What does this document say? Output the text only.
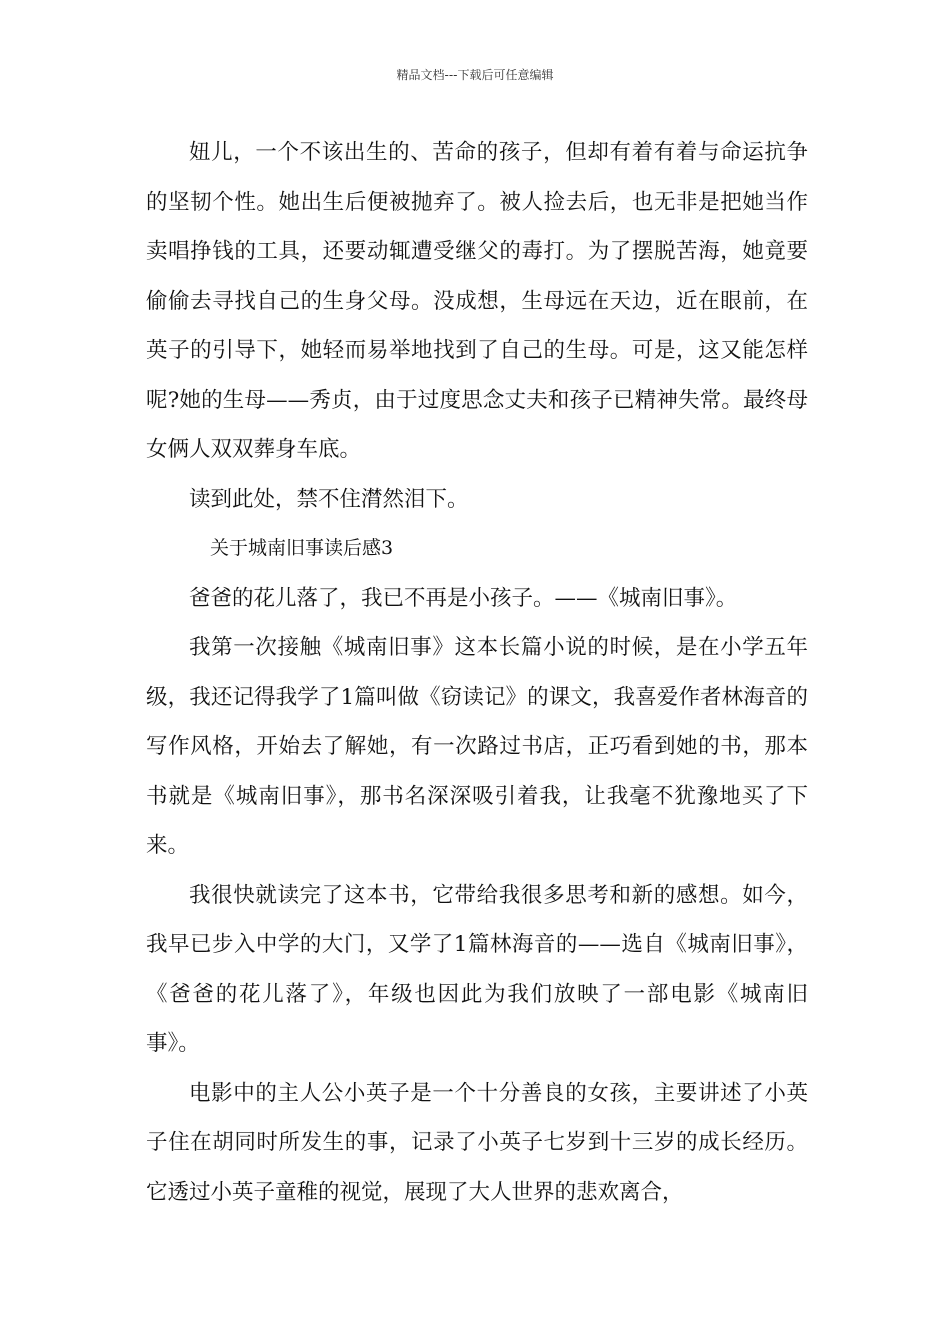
精品文档---下载后可任意编辑

妞儿，一个不该出生的、苦命的孩子，但却有着有着与命运抗争的坚韧个性。她出生后便被抛弃了。被人捡去后，也无非是把她当作卖唱挣钱的工具，还要动辄遭受继父的毒打。为了摆脱苦海，她竟要偷偷去寻找自己的生身父母。没成想，生母远在天边，近在眼前，在英子的引导下，她轻而易举地找到了自己的生母。可是，这又能怎样呢?她的生母——秀贞，由于过度思念丈夫和孩子已精神失常。最终母女俩人双双葬身车底。

读到此处，禁不住潸然泪下。

关于城南旧事读后感3

爸爸的花儿落了，我已不再是小孩子。——《城南旧事》。

我第一次接触《城南旧事》这本长篇小说的时候，是在小学五年级，我还记得我学了1篇叫做《窃读记》的课文，我喜爱作者林海音的写作风格，开始去了解她，有一次路过书店，正巧看到她的书，那本书就是《城南旧事》，那书名深深吸引着我，让我毫不犹豫地买了下来。

我很快就读完了这本书，它带给我很多思考和新的感想。如今，我早已步入中学的大门，又学了1篇林海音的——选自《城南旧事》，《爸爸的花儿落了》，年级也因此为我们放映了一部电影《城南旧事》。

电影中的主人公小英子是一个十分善良的女孩，主要讲述了小英子住在胡同时所发生的事，记录了小英子七岁到十三岁的成长经历。它透过小英子童稚的视觉，展现了大人世界的悲欢离合，
